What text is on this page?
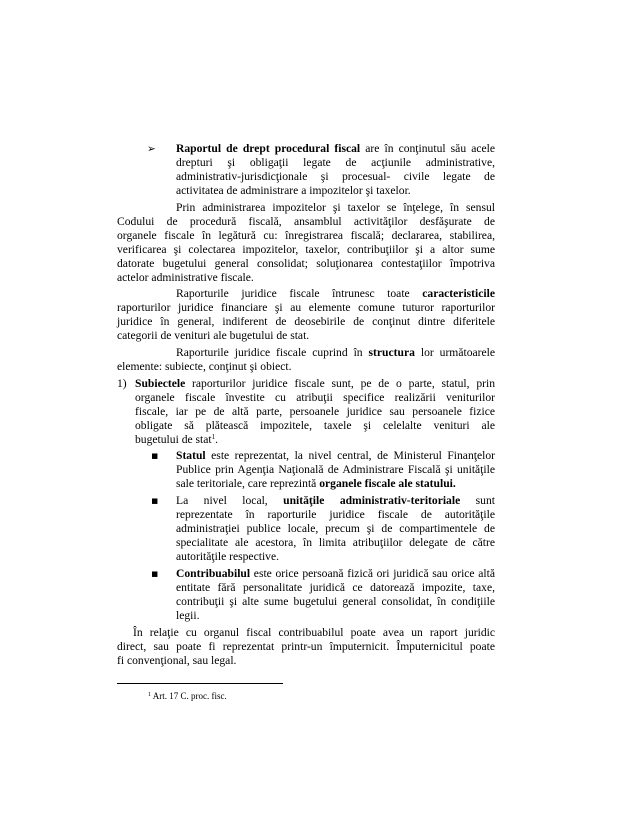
➢ Raportul de drept procedural fiscal are în conţinutul său acele
drepturi şi obligaţii legate de acţiunile administrative,
administrativ-jurisdicţionale şi procesual- civile legate de
activitatea de administrare a impozitelor şi taxelor.
Prin administrarea impozitelor şi taxelor se înţelege, în sensul
Codului de procedură fiscală, ansamblul activităţilor desfăşurate de
organele fiscale în legătură cu: înregistrarea fiscală; declararea, stabilirea,
verificarea şi colectarea impozitelor, taxelor, contribuţiilor şi a altor sume
datorate bugetului general consolidat; soluţionarea contestaţiilor împotriva
actelor administrative fiscale.
Raporturile juridice fiscale întrunesc toate caracteristicile
raporturilor juridice financiare şi au elemente comune tuturor raporturilor
juridice în general, indiferent de deosebirile de conţinut dintre diferitele
categorii de venituri ale bugetului de stat.
Raporturile juridice fiscale cuprind în structura lor următoarele
elemente: subiecte, conţinut şi obiect.
1) Subiectele raporturilor juridice fiscale sunt, pe de o parte, statul, prin
organele fiscale învestite cu atribuţii specifice realizării veniturilor
fiscale, iar pe de altă parte, persoanele juridice sau persoanele fizice
obligate să plătească impozitele, taxele şi celelalte venituri ale
bugetului de stat$^1$.
▪ Statul este reprezentat, la nivel central, de Ministerul Finanţelor
Publice prin Agenţia Naţională de Administrare Fiscală şi unităţile
sale teritoriale, care reprezintă organele fiscale ale statului.
▪ La nivel local, unităţile administrativ-teritoriale sunt
reprezentate în raporturile juridice fiscale de autorităţile
administraţiei publice locale, precum şi de compartimentele de
specialitate ale acestora, în limita atribuţiilor delegate de către
autorităţile respective.
▪ Contribuabilul este orice persoană fizică ori juridică sau orice altă
entitate fără personalitate juridică ce datorează impozite, taxe,
contribuţii şi alte sume bugetului general consolidat, în condiţiile
legii.
În relaţie cu organul fiscal contribuabilul poate avea un raport juridic
direct, sau poate fi reprezentat printr-un împuternicit. Împuternicitul poate
fi convenţional, sau legal.
$^1$ Art. 17 C. proc. fisc.
